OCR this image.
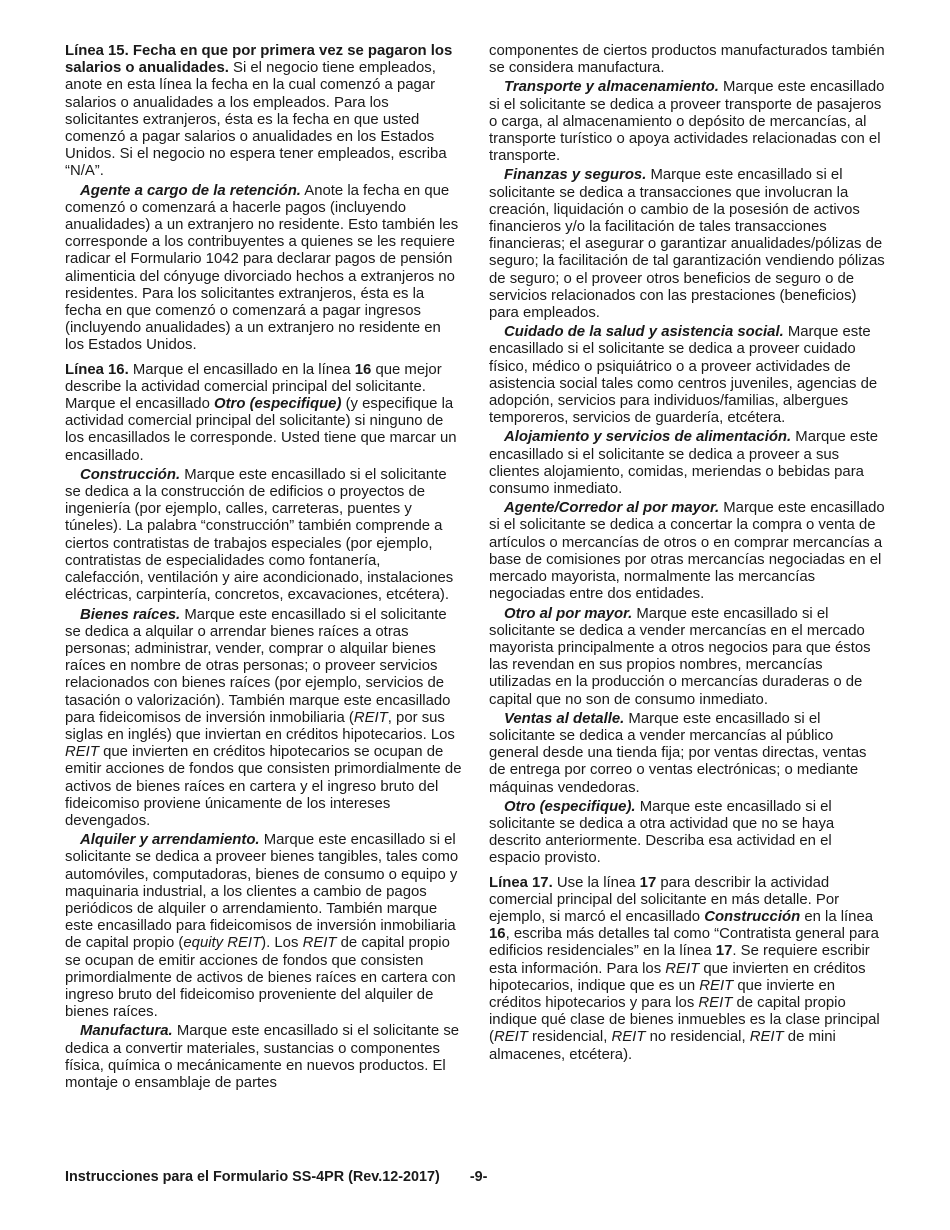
Línea 15. Fecha en que por primera vez se pagaron los salarios o anualidades. Si el negocio tiene empleados, anote en esta línea la fecha en la cual comenzó a pagar salarios o anualidades a los empleados. Para los solicitantes extranjeros, ésta es la fecha en que usted comenzó a pagar salarios o anualidades en los Estados Unidos. Si el negocio no espera tener empleados, escriba “N/A”.

Agente a cargo de la retención. Anote la fecha en que comenzó o comenzará a hacerle pagos (incluyendo anualidades) a un extranjero no residente. Esto también les corresponde a los contribuyentes a quienes se les requiere radicar el Formulario 1042 para declarar pagos de pensión alimenticia del cónyuge divorciado hechos a extranjeros no residentes. Para los solicitantes extranjeros, ésta es la fecha en que comenzó o comenzará a pagar ingresos (incluyendo anualidades) a un extranjero no residente en los Estados Unidos.

Línea 16. Marque el encasillado en la línea 16 que mejor describe la actividad comercial principal del solicitante. Marque el encasillado Otro (especifique) (y especifique la actividad comercial principal del solicitante) si ninguno de los encasillados le corresponde. Usted tiene que marcar un encasillado.

Construcción. Marque este encasillado si el solicitante se dedica a la construcción de edificios o proyectos de ingeniería (por ejemplo, calles, carreteras, puentes y túneles). La palabra “construcción” también comprende a ciertos contratistas de trabajos especiales (por ejemplo, contratistas de especialidades como fontanería, calefacción, ventilación y aire acondicionado, instalaciones eléctricas, carpintería, concretos, excavaciones, etcétera).

Bienes raíces. Marque este encasillado si el solicitante se dedica a alquilar o arrendar bienes raíces a otras personas; administrar, vender, comprar o alquilar bienes raíces en nombre de otras personas; o proveer servicios relacionados con bienes raíces (por ejemplo, servicios de tasación o valorización). También marque este encasillado para fideicomisos de inversión inmobiliaria (REIT, por sus siglas en inglés) que inviertan en créditos hipotecarios. Los REIT que invierten en créditos hipotecarios se ocupan de emitir acciones de fondos que consisten primordialmente de activos de bienes raíces en cartera y el ingreso bruto del fideicomiso proviene únicamente de los intereses devengados.

Alquiler y arrendamiento. Marque este encasillado si el solicitante se dedica a proveer bienes tangibles, tales como automóviles, computadoras, bienes de consumo o equipo y maquinaria industrial, a los clientes a cambio de pagos periódicos de alquiler o arrendamiento. También marque este encasillado para fideicomisos de inversión inmobiliaria de capital propio (equity REIT). Los REIT de capital propio se ocupan de emitir acciones de fondos que consisten primordialmente de activos de bienes raíces en cartera con ingreso bruto del fideicomiso proveniente del alquiler de bienes raíces.

Manufactura. Marque este encasillado si el solicitante se dedica a convertir materiales, sustancias o componentes física, química o mecánicamente en nuevos productos. El montaje o ensamblaje de partes

componentes de ciertos productos manufacturados también se considera manufactura.

Transporte y almacenamiento. Marque este encasillado si el solicitante se dedica a proveer transporte de pasajeros o carga, al almacenamiento o depósito de mercancías, al transporte turístico o apoya actividades relacionadas con el transporte.

Finanzas y seguros. Marque este encasillado si el solicitante se dedica a transacciones que involucran la creación, liquidación o cambio de la posesión de activos financieros y/o la facilitación de tales transacciones financieras; el asegurar o garantizar anualidades/pólizas de seguro; la facilitación de tal garantización vendiendo pólizas de seguro; o el proveer otros beneficios de seguro o de servicios relacionados con las prestaciones (beneficios) para empleados.

Cuidado de la salud y asistencia social. Marque este encasillado si el solicitante se dedica a proveer cuidado físico, médico o psiquiátrico o a proveer actividades de asistencia social tales como centros juveniles, agencias de adopción, servicios para individuos/familias, albergues temporeros, servicios de guardería, etcétera.

Alojamiento y servicios de alimentación. Marque este encasillado si el solicitante se dedica a proveer a sus clientes alojamiento, comidas, meriendas o bebidas para consumo inmediato.

Agente/Corredor al por mayor. Marque este encasillado si el solicitante se dedica a concertar la compra o venta de artículos o mercancías de otros o en comprar mercancías a base de comisiones por otras mercancías negociadas en el mercado mayorista, normalmente las mercancías negociadas entre dos entidades.

Otro al por mayor. Marque este encasillado si el solicitante se dedica a vender mercancías en el mercado mayorista principalmente a otros negocios para que éstos las revendan en sus propios nombres, mercancías utilizadas en la producción o mercancías duraderas o de capital que no son de consumo inmediato.

Ventas al detalle. Marque este encasillado si el solicitante se dedica a vender mercancías al público general desde una tienda fija; por ventas directas, ventas de entrega por correo o ventas electrónicas; o mediante máquinas vendedoras.

Otro (especifique). Marque este encasillado si el solicitante se dedica a otra actividad que no se haya descrito anteriormente. Describa esa actividad en el espacio provisto.

Línea 17. Use la línea 17 para describir la actividad comercial principal del solicitante en más detalle. Por ejemplo, si marcó el encasillado Construcción en la línea 16, escriba más detalles tal como “Contratista general para edificios residenciales” en la línea 17. Se requiere escribir esta información. Para los REIT que invierten en créditos hipotecarios, indique que es un REIT que invierte en créditos hipotecarios y para los REIT de capital propio indique qué clase de bienes inmuebles es la clase principal (REIT residencial, REIT no residencial, REIT de mini almacenes, etcétera).

Instrucciones para el Formulario SS-4PR (Rev.12-2017) -9-
